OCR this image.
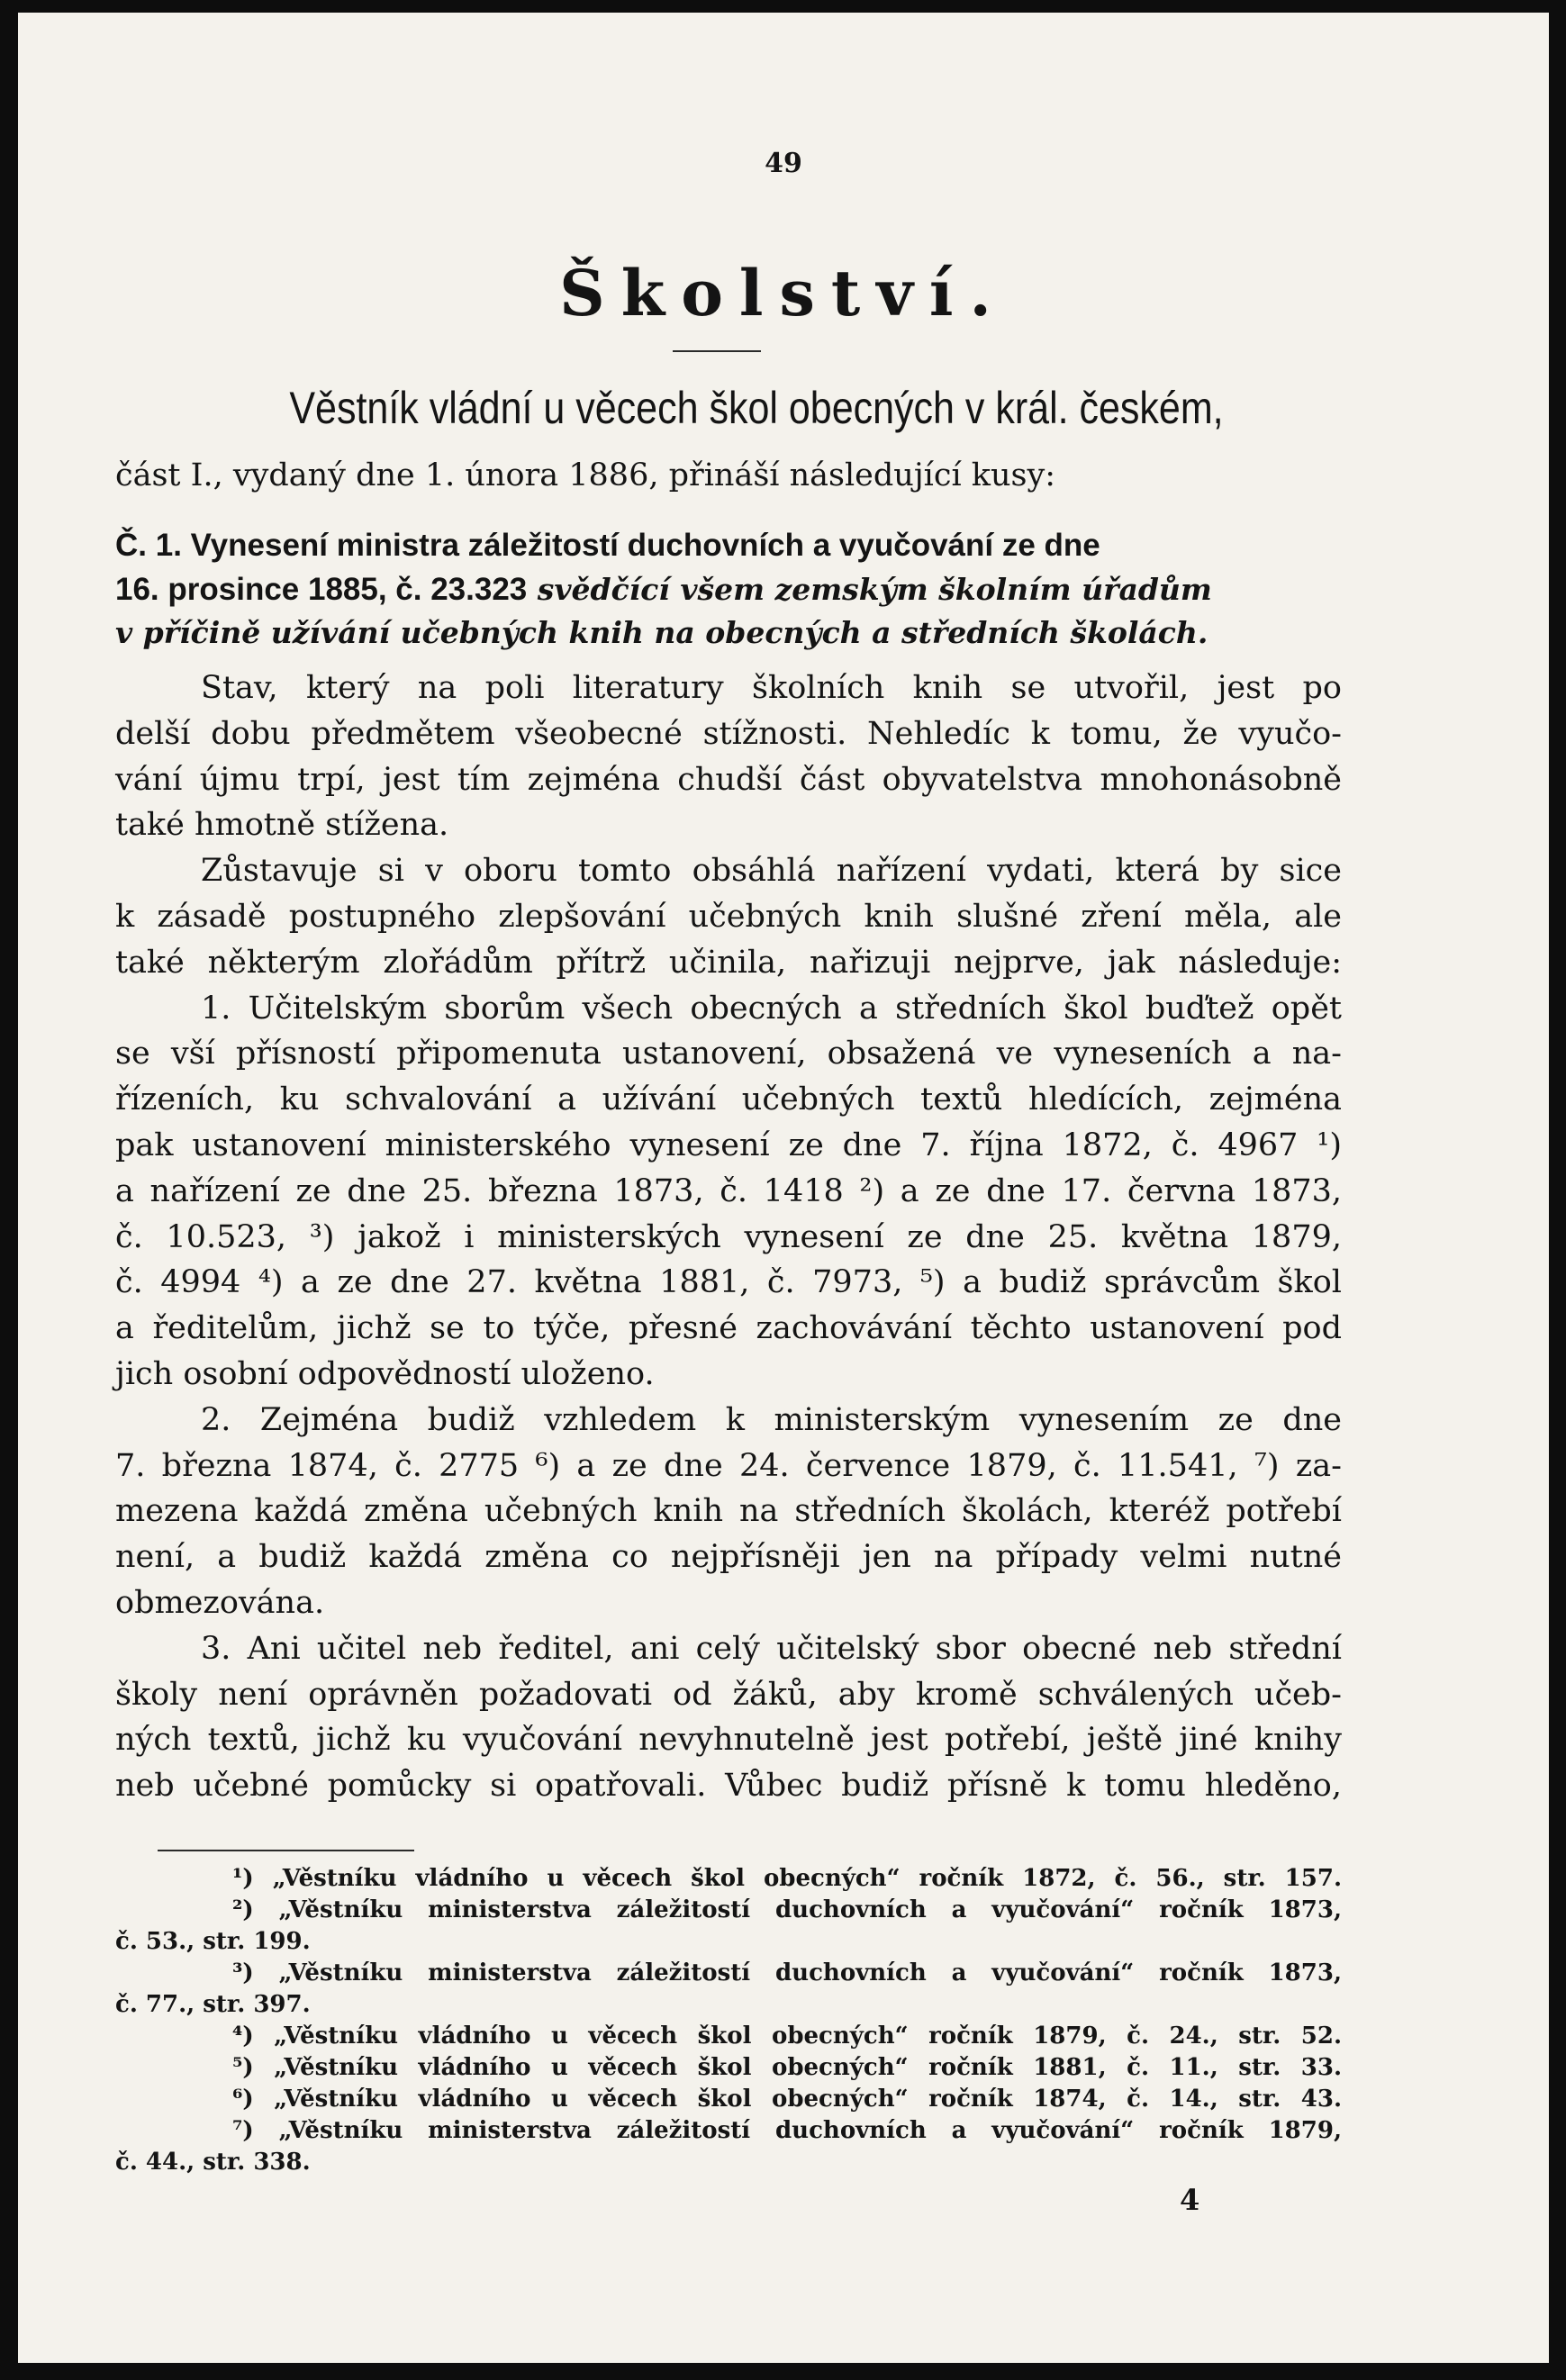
49
Školství.
Věstník vládní u věcech škol obecných v král. českém,
část I., vydaný dne 1. února 1886, přináší následující kusy:
Č. 1. Vynesení ministra záležitostí duchovních a vyučování ze dne
16. prosince 1885, č. 23.323 svědčící všem zemským školním úřadům
v příčině užívání učebných knih na obecných a středních školách.
Stav, který na poli literatury školních knih se utvořil, jest po
delší dobu předmětem všeobecné stížnosti. Nehledíc k tomu, že vyučo-
vání újmu trpí, jest tím zejména chudší část obyvatelstva mnohonásobně
také hmotně stížena.
Zůstavuje si v oboru tomto obsáhlá nařízení vydati, která by sice
k zásadě postupného zlepšování učebných knih slušné zření měla, ale
také některým zlořádům přítrž učinila, nařizuji nejprve, jak následuje:
1. Učitelským sborům všech obecných a středních škol buďtež opět
se vší přísností připomenuta ustanovení, obsažená ve vyneseních a na-
řízeních, ku schvalování a užívání učebných textů hledících, zejména
pak ustanovení ministerského vynesení ze dne 7. října 1872, č. 4967 ¹)
a nařízení ze dne 25. března 1873, č. 1418 ²) a ze dne 17. června 1873,
č. 10.523, ³) jakož i ministerských vynesení ze dne 25. května 1879,
č. 4994 ⁴) a ze dne 27. května 1881, č. 7973, ⁵) a budiž správcům škol
a ředitelům, jichž se to týče, přesné zachovávání těchto ustanovení pod
jich osobní odpovědností uloženo.
2. Zejména budiž vzhledem k ministerským vynesením ze dne
7. března 1874, č. 2775 ⁶) a ze dne 24. července 1879, č. 11.541, ⁷) za-
mezena každá změna učebných knih na středních školách, kteréž potřebí
není, a budiž každá změna co nejpřísněji jen na případy velmi nutné
obmezována.
3. Ani učitel neb ředitel, ani celý učitelský sbor obecné neb střední
školy není oprávněn požadovati od žáků, aby kromě schválených učeb-
ných textů, jichž ku vyučování nevyhnutelně jest potřebí, ještě jiné knihy
neb učebné pomůcky si opatřovali. Vůbec budiž přísně k tomu hleděno,
¹) „Věstníku vládního u věcech škol obecných“ ročník 1872, č. 56., str. 157.
²) „Věstníku ministerstva záležitostí duchovních a vyučování“ ročník 1873,
č. 53., str. 199.
³) „Věstníku ministerstva záležitostí duchovních a vyučování“ ročník 1873,
č. 77., str. 397.
⁴) „Věstníku vládního u věcech škol obecných“ ročník 1879, č. 24., str. 52.
⁵) „Věstníku vládního u věcech škol obecných“ ročník 1881, č. 11., str. 33.
⁶) „Věstníku vládního u věcech škol obecných“ ročník 1874, č. 14., str. 43.
⁷) „Věstníku ministerstva záležitostí duchovních a vyučování“ ročník 1879,
č. 44., str. 338.
4
